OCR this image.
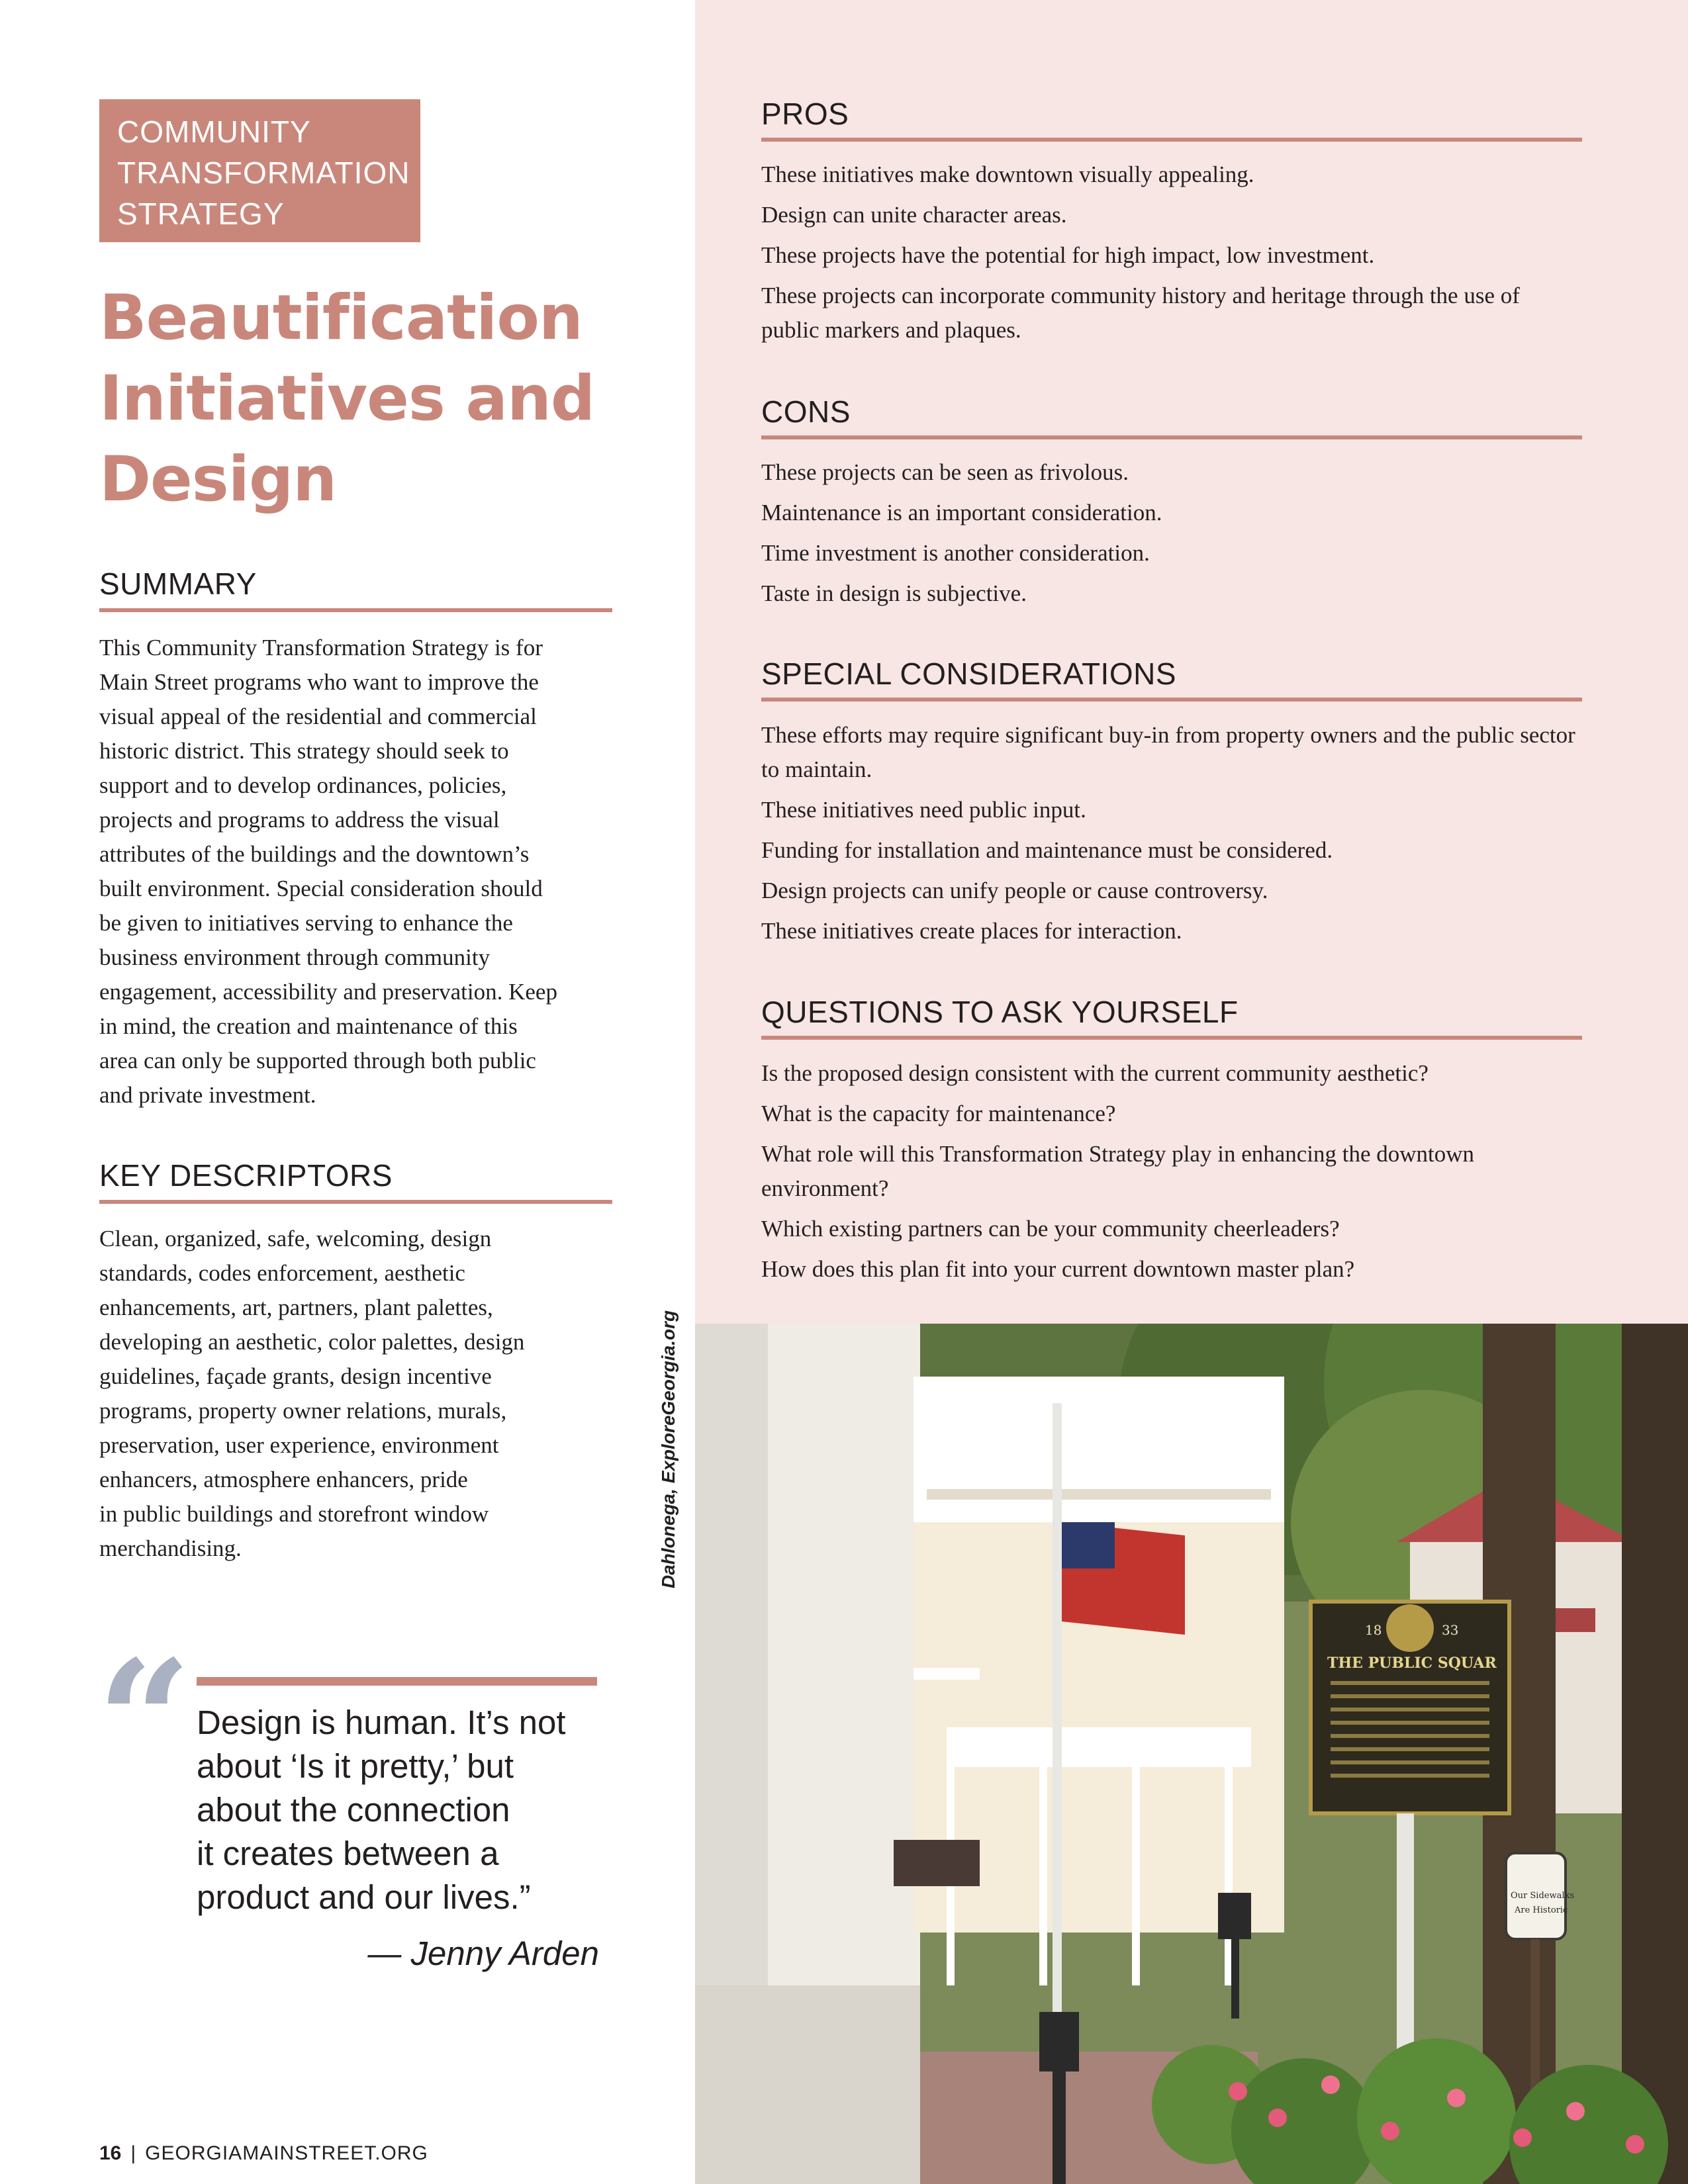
COMMUNITY
TRANSFORMATION
STRATEGY
Beautification
Initiatives and
Design
SUMMARY
This Community Transformation Strategy is for
Main Street programs who want to improve the
visual appeal of the residential and commercial
historic district. This strategy should seek to
support and to develop ordinances, policies,
projects and programs to address the visual
attributes of the buildings and the downtown’s
built environment. Special consideration should
be given to initiatives serving to enhance the
business environment through community
engagement, accessibility and preservation. Keep
in mind, the creation and maintenance of this
area can only be supported through both public
and private investment.
KEY DESCRIPTORS
Clean, organized, safe, welcoming, design
standards, codes enforcement, aesthetic
enhancements, art, partners, plant palettes,
developing an aesthetic, color palettes, design
guidelines, façade grants, design incentive
programs, property owner relations, murals,
preservation, user experience, environment
enhancers, atmosphere enhancers, pride
in public buildings and storefront window
merchandising.
“ Design is human. It’s not
about ‘Is it pretty,’ but
about the connection
it creates between a
product and our lives.”
— Jenny Arden
Dahlonega, ExploreGeorgia.org
PROS
These initiatives make downtown visually appealing.
Design can unite character areas.
These projects have the potential for high impact, low investment.
These projects can incorporate community history and heritage through the use of public markers and plaques.
CONS
These projects can be seen as frivolous.
Maintenance is an important consideration.
Time investment is another consideration.
Taste in design is subjective.
SPECIAL CONSIDERATIONS
These efforts may require significant buy-in from property owners and the public sector to maintain.
These initiatives need public input.
Funding for installation and maintenance must be considered.
Design projects can unify people or cause controversy.
These initiatives create places for interaction.
QUESTIONS TO ASK YOURSELF
Is the proposed design consistent with the current community aesthetic?
What is the capacity for maintenance?
What role will this Transformation Strategy play in enhancing the downtown environment?
Which existing partners can be your community cheerleaders?
How does this plan fit into your current downtown master plan?
18	33
THE PUBLIC SQUAR
Our Sidewalks
Are Historic
16 | GEORGIAMAINSTREET.ORG
